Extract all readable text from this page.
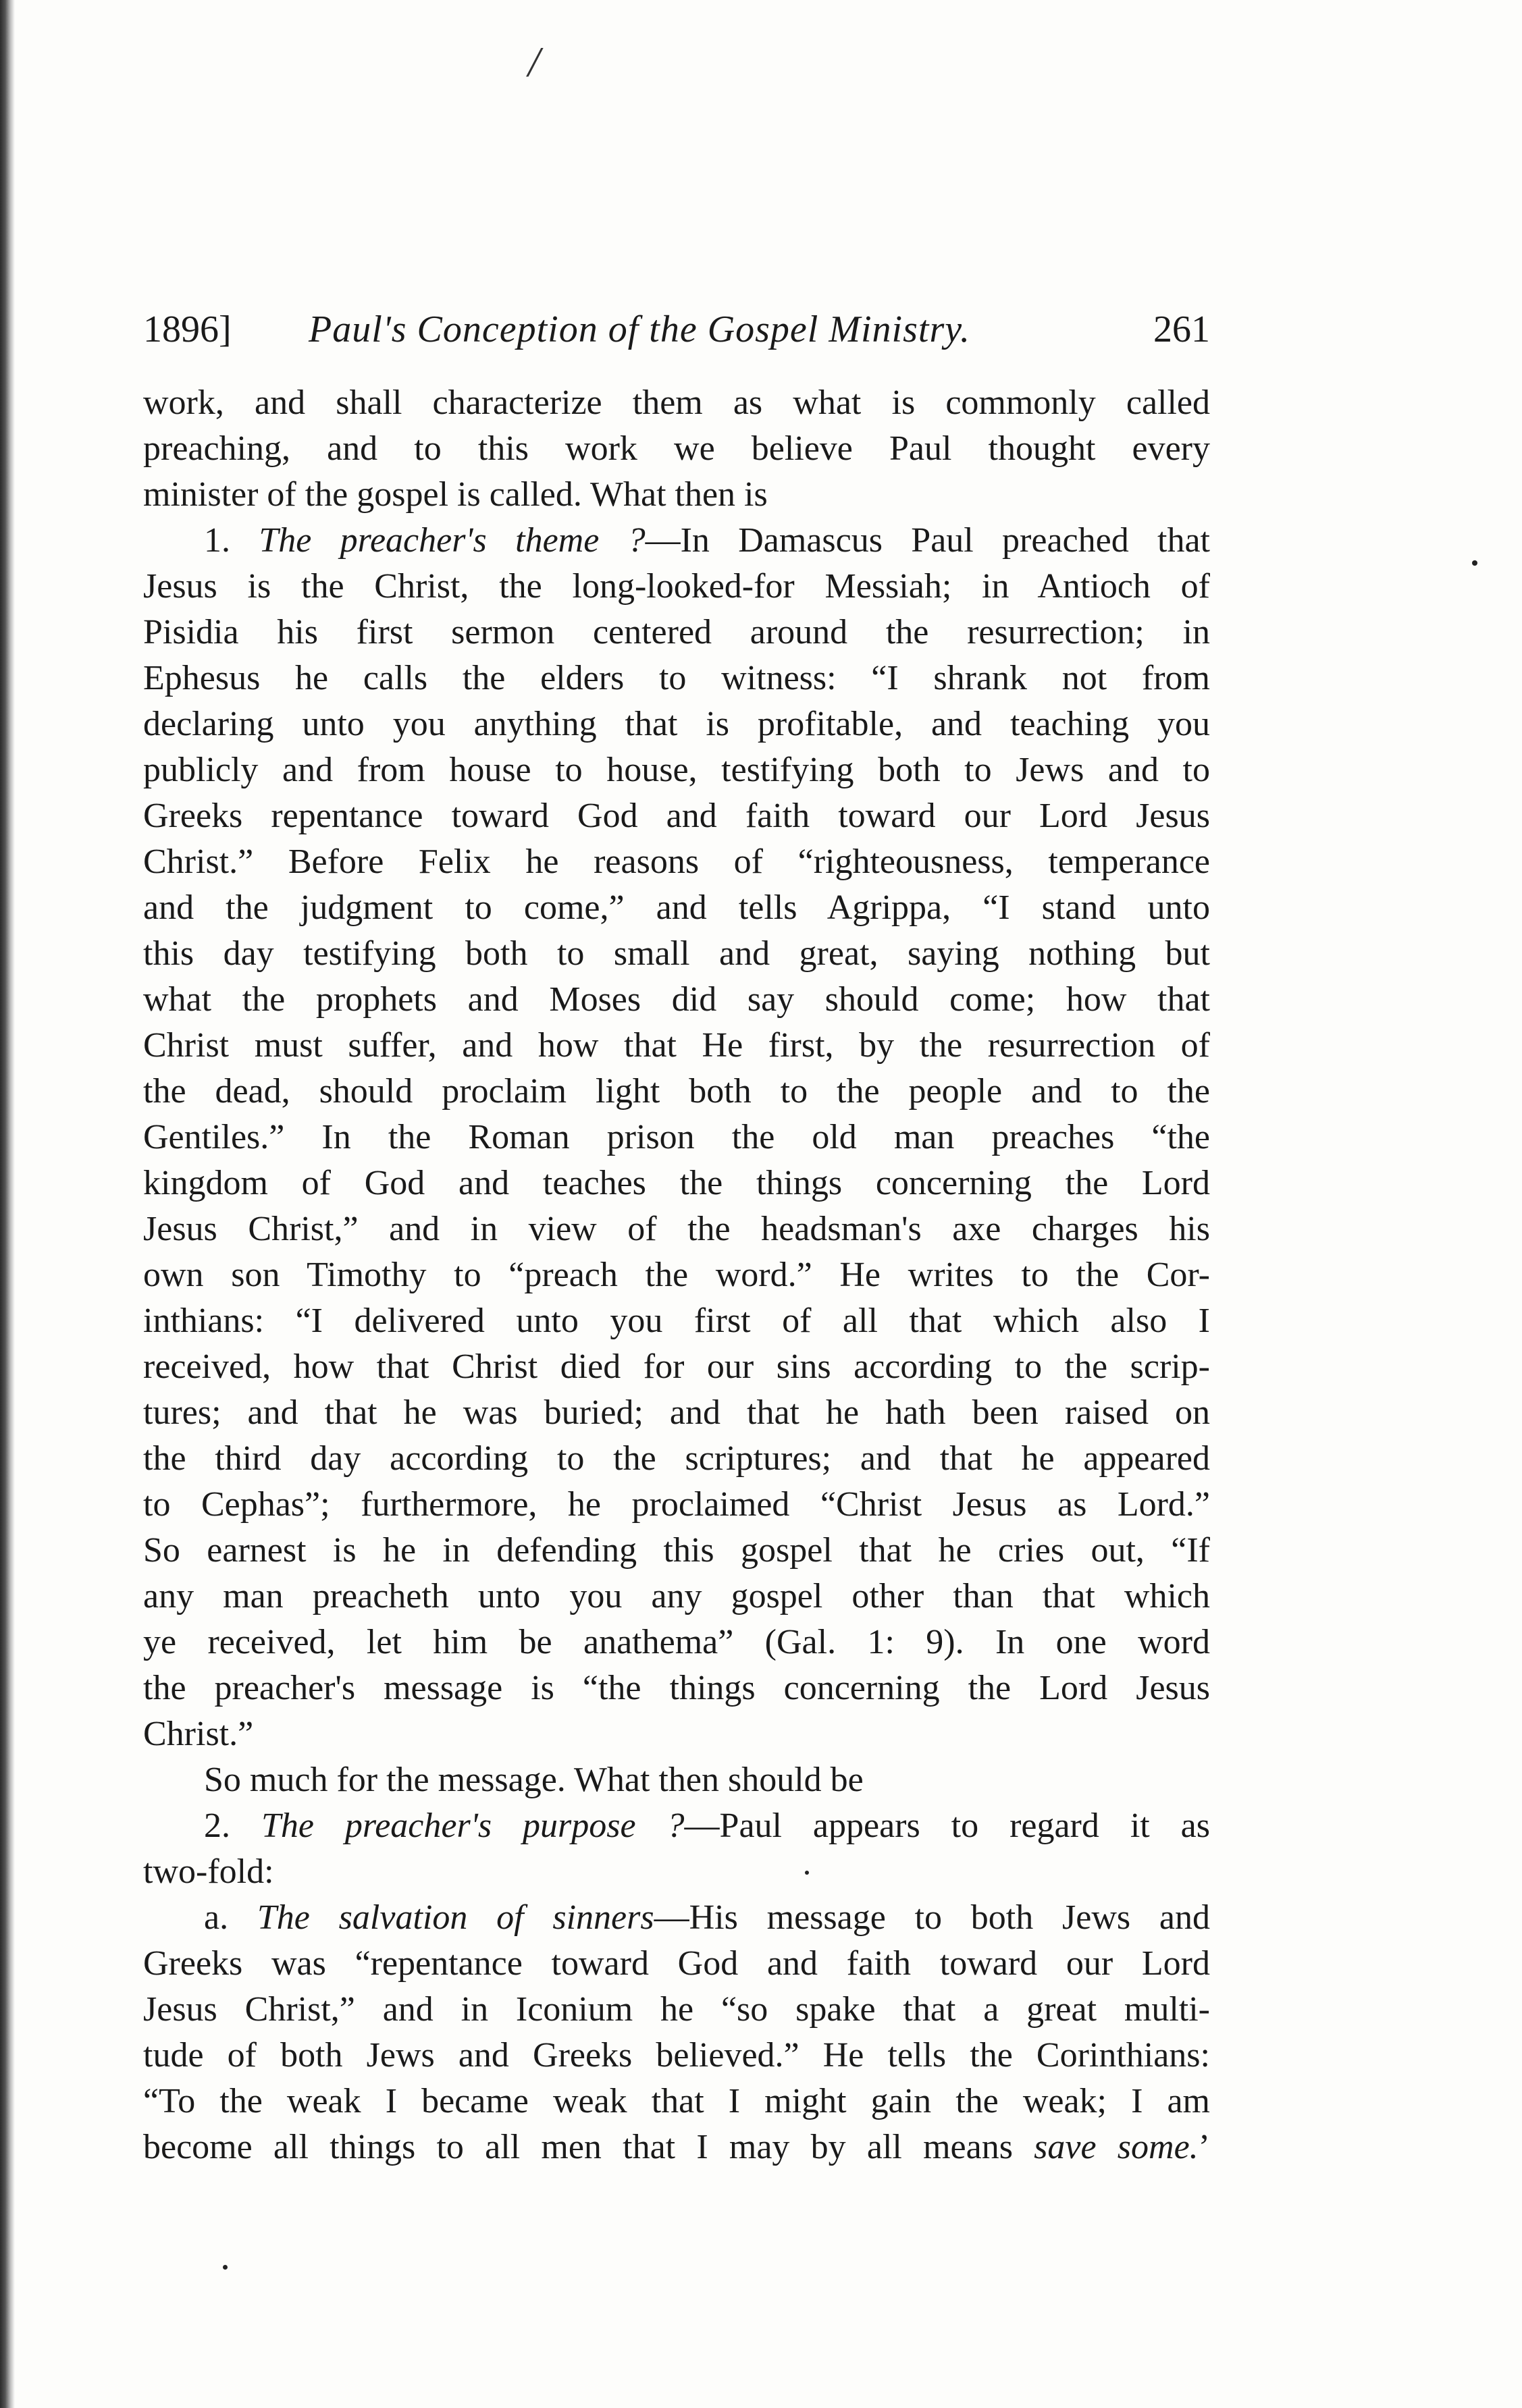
/
1896] Paul's Conception of the Gospel Ministry.	261
work, and shall characterize them as what is commonly called
preaching, and to this work we believe Paul thought every
minister of the gospel is called. What then is
1. The preacher's theme ?—In Damascus Paul preached that
Jesus is the Christ, the long-looked-for Messiah; in Antioch of
Pisidia his first sermon centered around the resurrection; in
Ephesus he calls the elders to witness: “I shrank not from
declaring unto you anything that is profitable, and teaching you
publicly and from house to house, testifying both to Jews and to
Greeks repentance toward God and faith toward our Lord Jesus
Christ.” Before Felix he reasons of “righteousness, temperance
and the judgment to come,” and tells Agrippa, “I stand unto
this day testifying both to small and great, saying nothing but
what the prophets and Moses did say should come; how that
Christ must suffer, and how that He first, by the resurrection of
the dead, should proclaim light both to the people and to the
Gentiles.” In the Roman prison the old man preaches “the
kingdom of God and teaches the things concerning the Lord
Jesus Christ,” and in view of the headsman's axe charges his
own son Timothy to “preach the word.” He writes to the Cor-
inthians: “I delivered unto you first of all that which also I
received, how that Christ died for our sins according to the scrip-
tures; and that he was buried; and that he hath been raised on
the third day according to the scriptures; and that he appeared
to Cephas”; furthermore, he proclaimed “Christ Jesus as Lord.”
So earnest is he in defending this gospel that he cries out, “If
any man preacheth unto you any gospel other than that which
ye received, let him be anathema” (Gal. 1: 9). In one word
the preacher's message is “the things concerning the Lord Jesus
Christ.”
So much for the message. What then should be
2. The preacher's purpose ?—Paul appears to regard it as
two-fold:
a. The salvation of sinners—His message to both Jews and
Greeks was “repentance toward God and faith toward our Lord
Jesus Christ,” and in Iconium he “so spake that a great multi-
tude of both Jews and Greeks believed.” He tells the Corinthians:
“To the weak I became weak that I might gain the weak; I am
become all things to all men that I may by all means save some.’
